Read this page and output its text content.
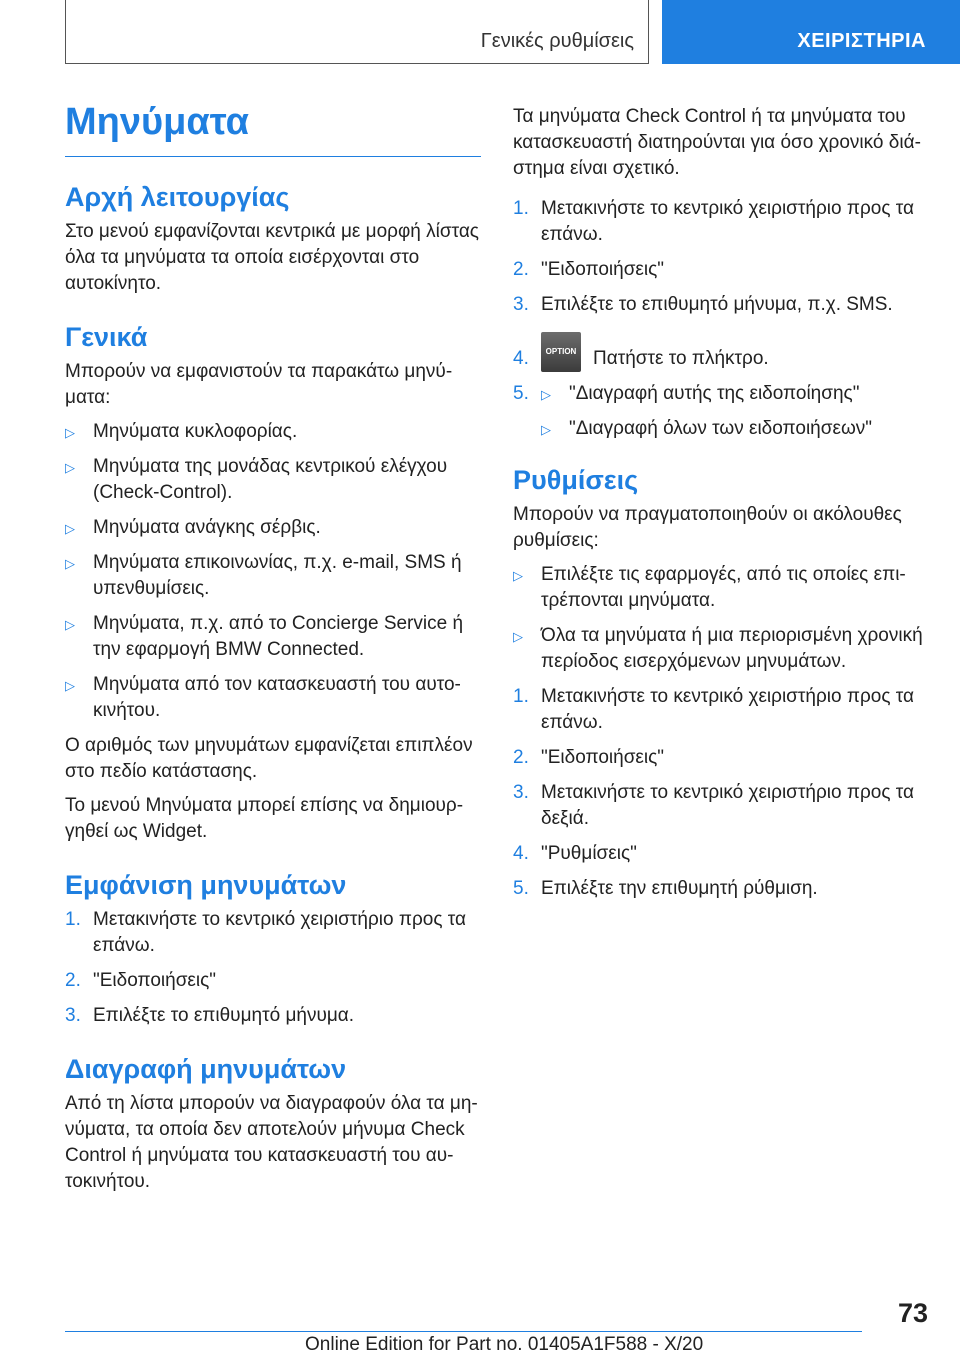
Γενικές ρυθμίσεις	ΧΕΙΡΙΣΤΗΡΙΑ
Μηνύματα
Αρχή λειτουργίας

Στο μενού εμφανίζονται κεντρικά με μορφή λίστας όλα τα μηνύματα τα οποία εισέρχονται στο αυτοκίνητο.

Γενικά

Μπορούν να εμφανιστούν τα παρακάτω μηνύματα:

▷ Μηνύματα κυκλοφορίας.
▷ Μηνύματα της μονάδας κεντρικού ελέγχου (Check-Control).
▷ Μηνύματα ανάγκης σέρβις.
▷ Μηνύματα επικοινωνίας, π.χ. e-mail, SMS ή υπενθυμίσεις.
▷ Μηνύματα, π.χ. από το Concierge Service ή την εφαρμογή BMW Connected.
▷ Μηνύματα από τον κατασκευαστή του αυτοκινήτου.

Ο αριθμός των μηνυμάτων εμφανίζεται επιπλέον στο πεδίο κατάστασης.

Το μενού Μηνύματα μπορεί επίσης να δημιουργηθεί ως Widget.

Εμφάνιση μηνυμάτων
1. Μετακινήστε το κεντρικό χειριστήριο προς τα επάνω.
2. "Ειδοποιήσεις"
3. Επιλέξτε το επιθυμητό μήνυμα.
Διαγραφή μηνυμάτων

Από τη λίστα μπορούν να διαγραφούν όλα τα μηνύματα, τα οποία δεν αποτελούν μήνυμα Check Control ή μηνύματα του κατασκευαστή του αυτοκινήτου.

Τα μηνύματα Check Control ή τα μηνύματα του κατασκευαστή διατηρούνται για όσο χρονικό διάστημα είναι σχετικό.

1. Μετακινήστε το κεντρικό χειριστήριο προς τα επάνω.
2. "Ειδοποιήσεις"
3. Επιλέξτε το επιθυμητό μήνυμα, π.χ. SMS.
4.	OPTION Πατήστε το πλήκτρο.
5. ▷ "Διαγραφή αυτής της ειδοποίησης"
▷ "Διαγραφή όλων των ειδοποιήσεων"
Ρυθμίσεις

Μπορούν να πραγματοποιηθούν οι ακόλουθες ρυθμίσεις:

▷ Επιλέξτε τις εφαρμογές, από τις οποίες επιτρέπονται μηνύματα.
▷ Όλα τα μηνύματα ή μια περιορισμένη χρονική περίοδος εισερχόμενων μηνυμάτων.
1. Μετακινήστε το κεντρικό χειριστήριο προς τα επάνω.
2. "Ειδοποιήσεις"
3. Μετακινήστε το κεντρικό χειριστήριο προς τα δεξιά.
4. "Ρυθμίσεις"
5. Επιλέξτε την επιθυμητή ρύθμιση.
73
Online Edition for Part no. 01405A1F588 - X/20
